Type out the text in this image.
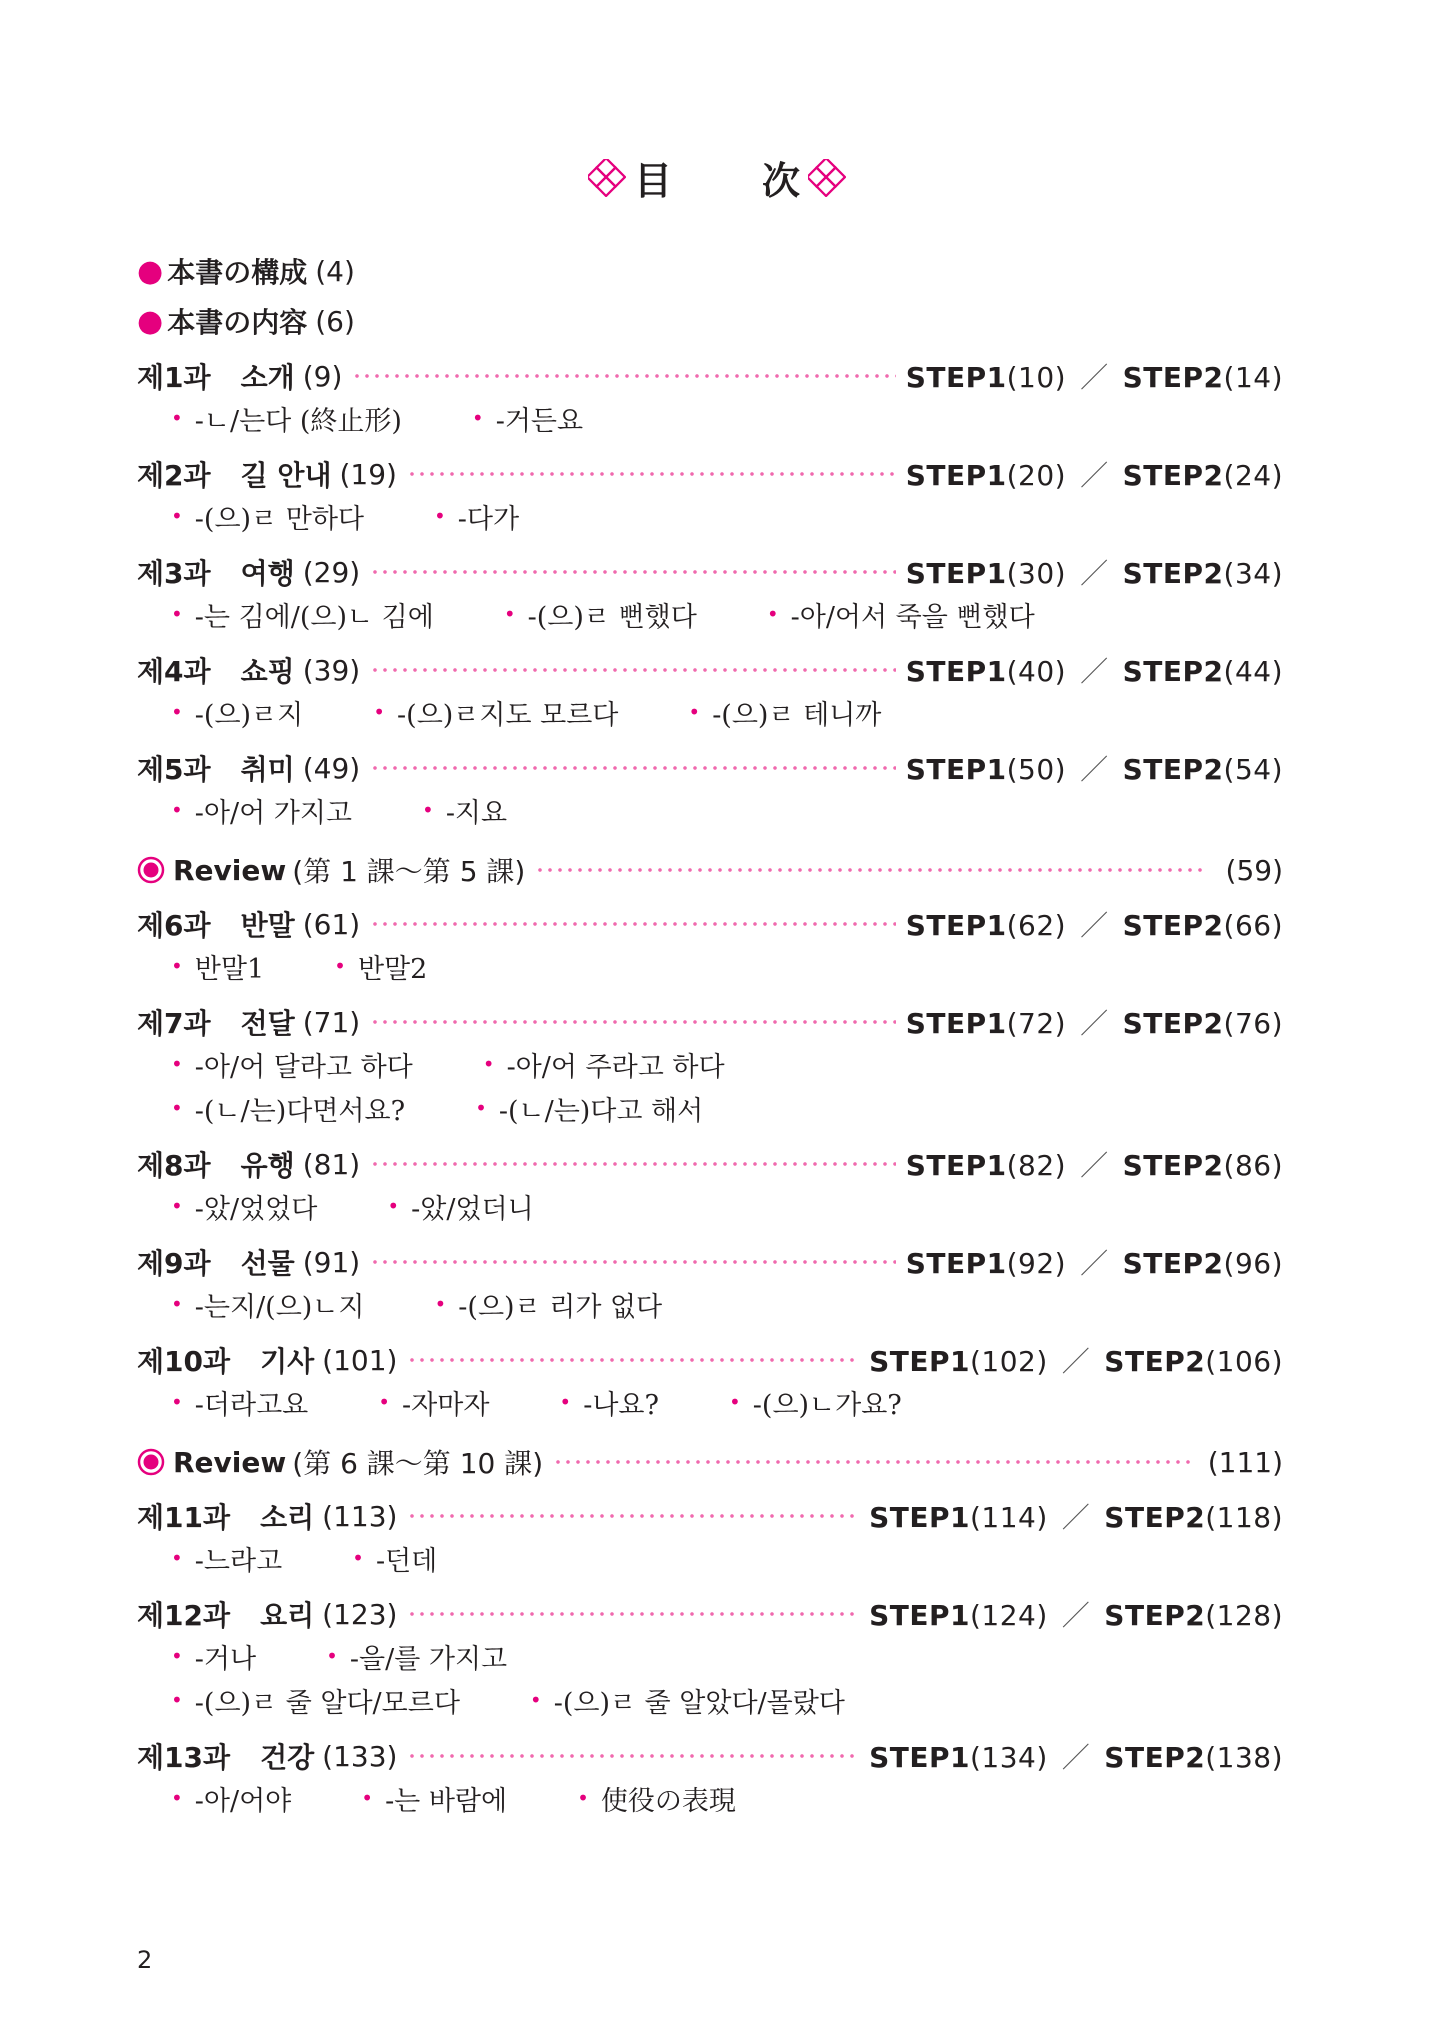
目 次
● 本書の構成 (4)
● 本書の内容 (6)
제1과 소개 (9)	STEP1(10) ／ STEP2(14)
• -ㄴ/는다 (終止形)	• -거든요
제2과 길 안내 (19)	STEP1(20) ／ STEP2(24)
• -(으)ㄹ 만하다	• -다가
제3과 여행 (29)	STEP1(30) ／ STEP2(34)
• -는 김에/(으)ㄴ 김에	• -(으)ㄹ 뻔했다	• -아/어서 죽을 뻔했다
제4과 쇼핑 (39)	STEP1(40) ／ STEP2(44)
• -(으)ㄹ지	• -(으)ㄹ지도 모르다	• -(으)ㄹ 테니까
제5과 취미 (49)	STEP1(50) ／ STEP2(54)
• -아/어 가지고	• -지요
Review (第 1 課〜第 5 課)	(59)
제6과 반말 (61)	STEP1(62) ／ STEP2(66)
• 반말1	• 반말2
제7과 전달 (71)	STEP1(72) ／ STEP2(76)
• -아/어 달라고 하다	• -아/어 주라고 하다
• -(ㄴ/는)다면서요?	• -(ㄴ/는)다고 해서
제8과 유행 (81)	STEP1(82) ／ STEP2(86)
• -았/었었다	• -았/었더니
제9과 선물 (91)	STEP1(92) ／ STEP2(96)
• -는지/(으)ㄴ지	• -(으)ㄹ 리가 없다
제10과 기사 (101)	STEP1(102) ／ STEP2(106)
• -더라고요	• -자마자	• -나요?	• -(으)ㄴ가요?
Review (第 6 課〜第 10 課)	(111)
제11과 소리 (113)	STEP1(114) ／ STEP2(118)
• -느라고	• -던데
제12과 요리 (123)	STEP1(124) ／ STEP2(128)
• -거나	• -을/를 가지고
• -(으)ㄹ 줄 알다/모르다	• -(으)ㄹ 줄 알았다/몰랐다
제13과 건강 (133)	STEP1(134) ／ STEP2(138)
• -아/어야	• -는 바람에	• 使役の表現
2
